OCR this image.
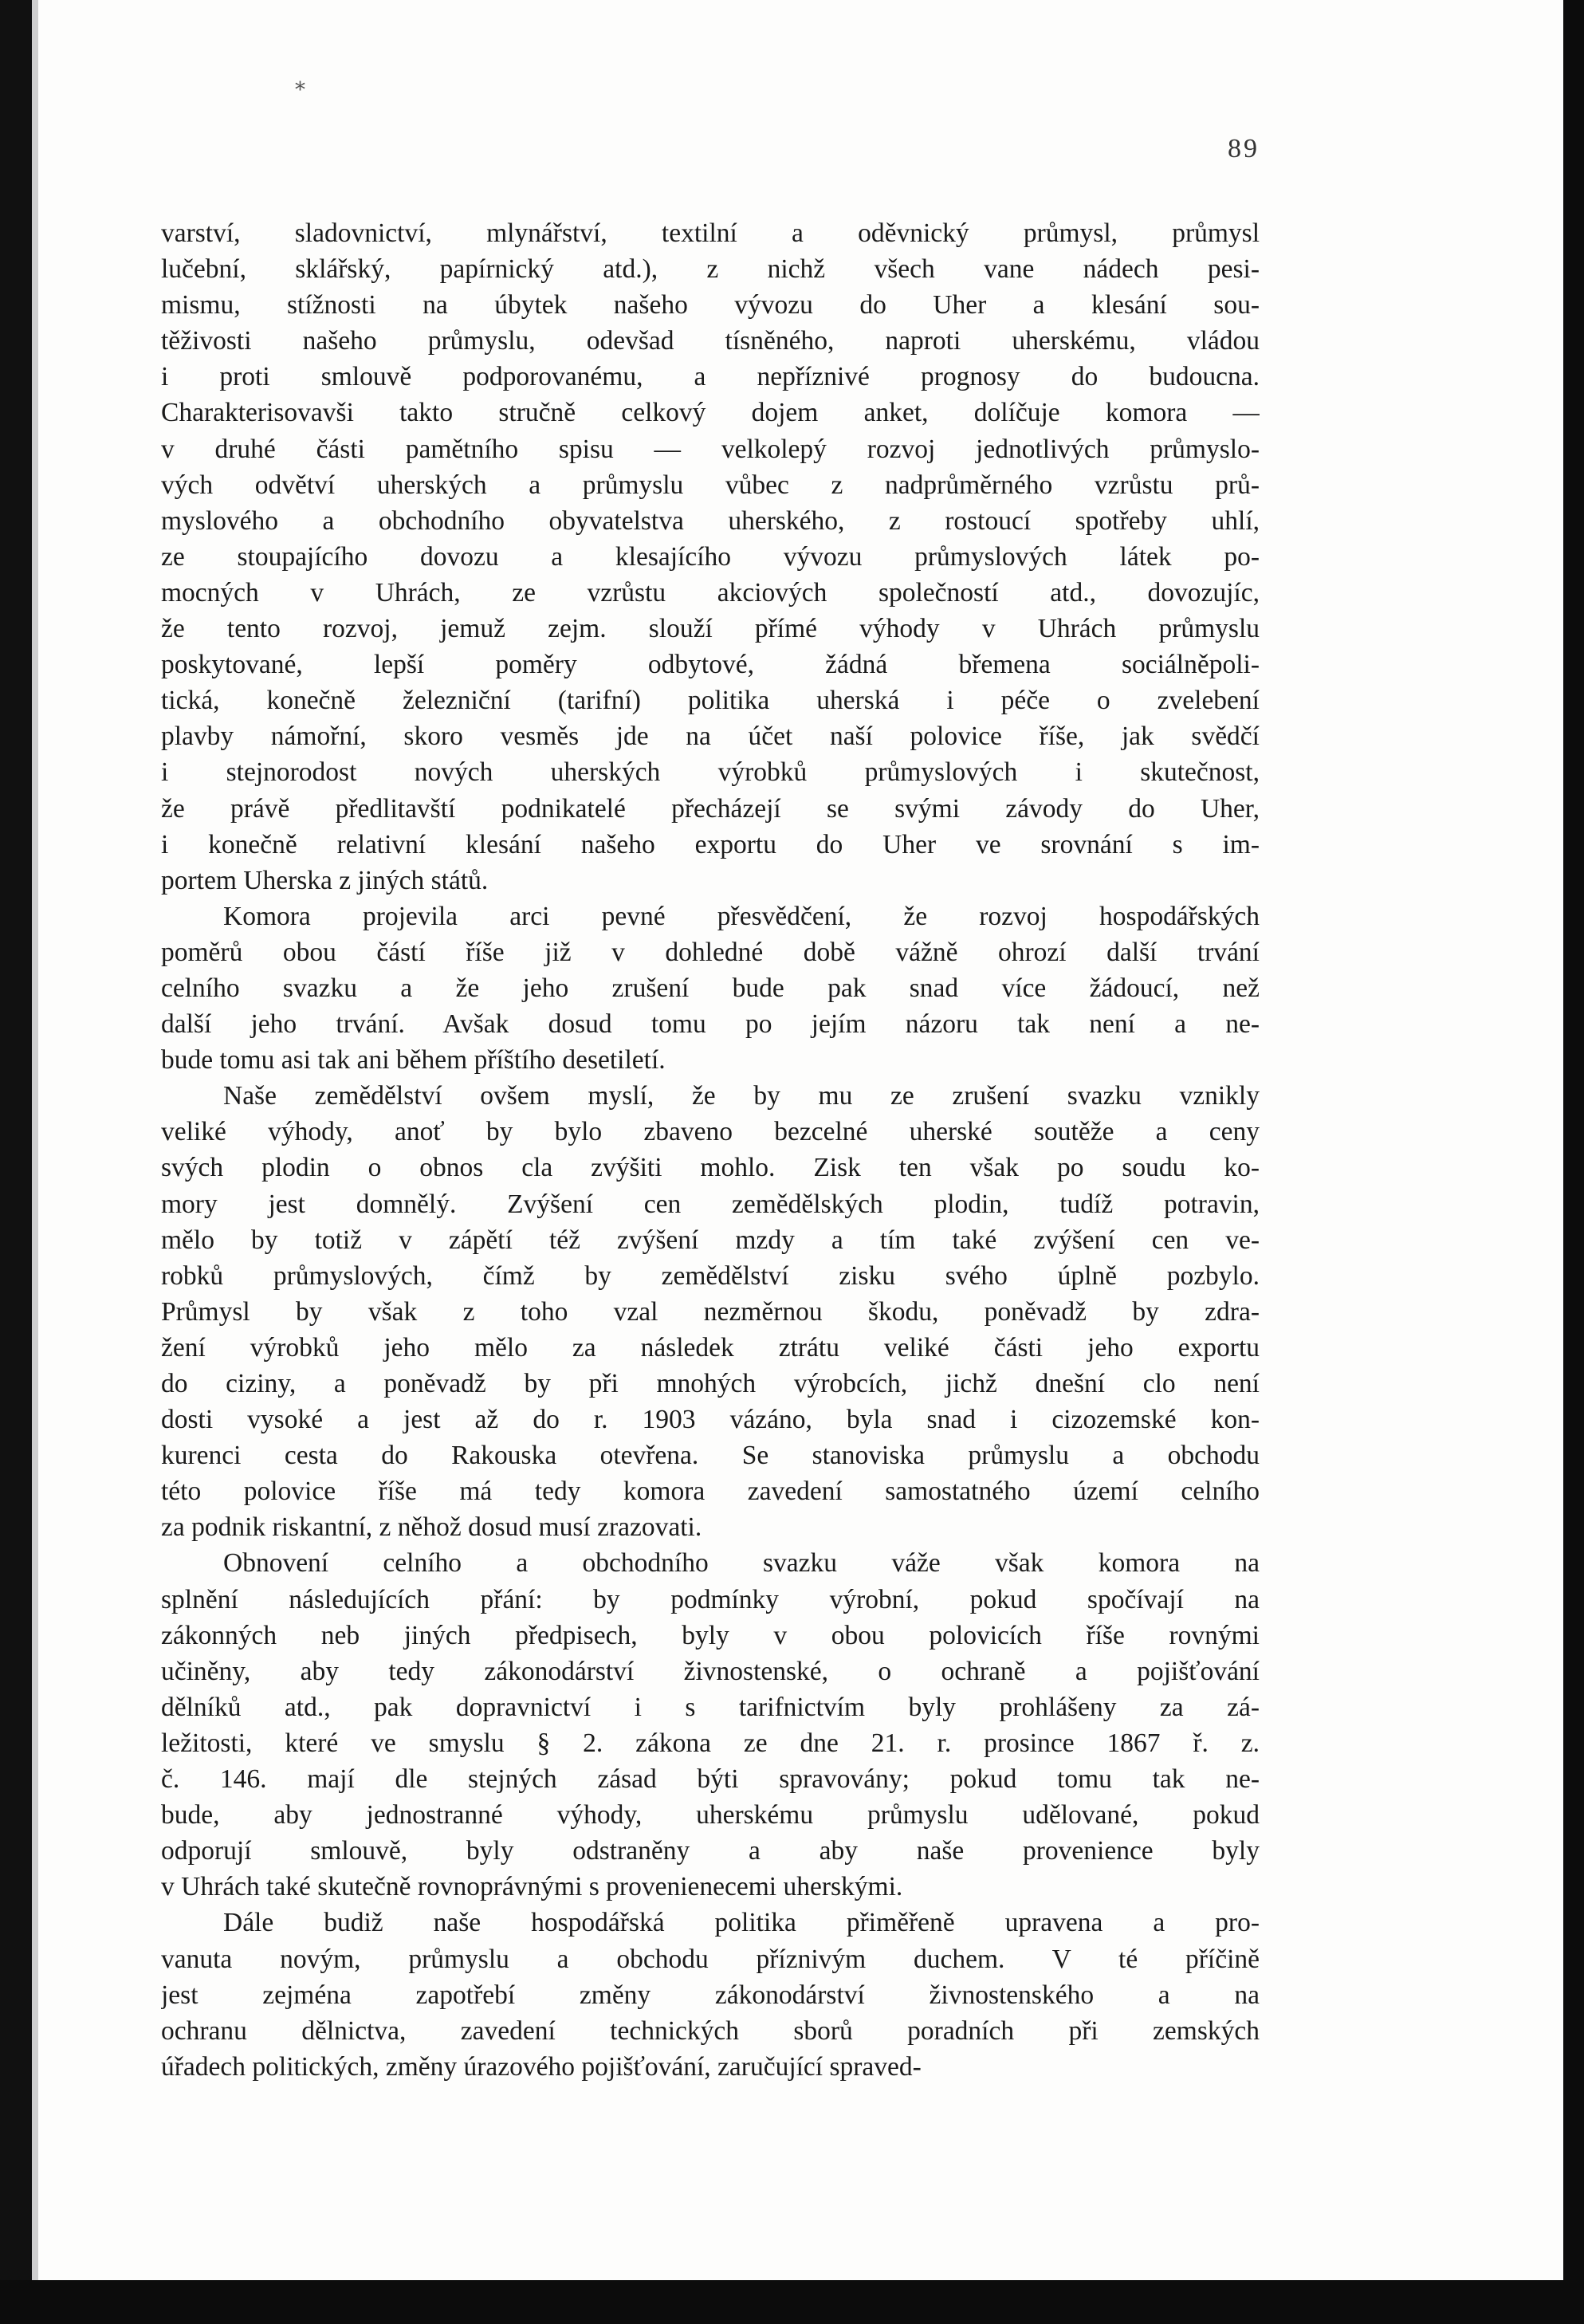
*
89
varství, sladovnictví, mlynářství, textilní a oděvnický průmysl, průmysl
lučební, sklářský, papírnický atd.), z nichž všech vane nádech pesi-
mismu, stížnosti na úbytek našeho vývozu do Uher a klesání sou-
těživosti našeho průmyslu, odevšad tísněného, naproti uherskému, vládou
i proti smlouvě podporovanému, a nepříznivé prognosy do budoucna.
Charakterisovavši takto stručně celkový dojem anket, dolíčuje komora —
v druhé části pamětního spisu — velkolepý rozvoj jednotlivých průmyslo-
vých odvětví uherských a průmyslu vůbec z nadprůměrného vzrůstu prů-
myslového a obchodního obyvatelstva uherského, z rostoucí spotřeby uhlí,
ze stoupajícího dovozu a klesajícího vývozu průmyslových látek po-
mocných v Uhrách, ze vzrůstu akciových společností atd., dovozujíc,
že tento rozvoj, jemuž zejm. slouží přímé výhody v Uhrách průmyslu
poskytované, lepší poměry odbytové, žádná břemena sociálněpoli-
tická, konečně železniční (tarifní) politika uherská i péče o zvelebení
plavby námořní, skoro vesměs jde na účet naší polovice říše, jak svědčí
i stejnorodost nových uherských výrobků průmyslových i skutečnost,
že právě předlitavští podnikatelé přecházejí se svými závody do Uher,
i konečně relativní klesání našeho exportu do Uher ve srovnání s im-
portem Uherska z jiných států.
Komora projevila arci pevné přesvědčení, že rozvoj hospodářských
poměrů obou částí říše již v dohledné době vážně ohrozí další trvání
celního svazku a že jeho zrušení bude pak snad více žádoucí, než
další jeho trvání. Avšak dosud tomu po jejím názoru tak není a ne-
bude tomu asi tak ani během příštího desetiletí.
Naše zemědělství ovšem myslí, že by mu ze zrušení svazku vznikly
veliké výhody, anoť by bylo zbaveno bezcelné uherské soutěže a ceny
svých plodin o obnos cla zvýšiti mohlo. Zisk ten však po soudu ko-
mory jest domnělý. Zvýšení cen zemědělských plodin, tudíž potravin,
mělo by totiž v zápětí též zvýšení mzdy a tím také zvýšení cen ve-
robků průmyslových, čímž by zemědělství zisku svého úplně pozbylo.
Průmysl by však z toho vzal nezměrnou škodu, poněvadž by zdra-
žení výrobků jeho mělo za následek ztrátu veliké části jeho exportu
do ciziny, a poněvadž by při mnohých výrobcích, jichž dnešní clo není
dosti vysoké a jest až do r. 1903 vázáno, byla snad i cizozemské kon-
kurenci cesta do Rakouska otevřena. Se stanoviska průmyslu a obchodu
této polovice říše má tedy komora zavedení samostatného území celního
za podnik riskantní, z něhož dosud musí zrazovati.
Obnovení celního a obchodního svazku váže však komora na
splnění následujících přání: by podmínky výrobní, pokud spočívají na
zákonných neb jiných předpisech, byly v obou polovicích říše rovnými
učiněny, aby tedy zákonodárství živnostenské, o ochraně a pojišťování
dělníků atd., pak dopravnictví i s tarifnictvím byly prohlášeny za zá-
ležitosti, které ve smyslu § 2. zákona ze dne 21. r. prosince 1867 ř. z.
č. 146. mají dle stejných zásad býti spravovány; pokud tomu tak ne-
bude, aby jednostranné výhody, uherskému průmyslu udělované, pokud
odporují smlouvě, byly odstraněny a aby naše provenience byly
v Uhrách také skutečně rovnoprávnými s provenienecemi uherskými.
Dále budiž naše hospodářská politika přiměřeně upravena a pro-
vanuta novým, průmyslu a obchodu příznivým duchem. V té příčině
jest zejména zapotřebí změny zákonodárství živnostenského a na
ochranu dělnictva, zavedení technických sborů poradních při zemských
úřadech politických, změny úrazového pojišťování, zaručující spraved-
